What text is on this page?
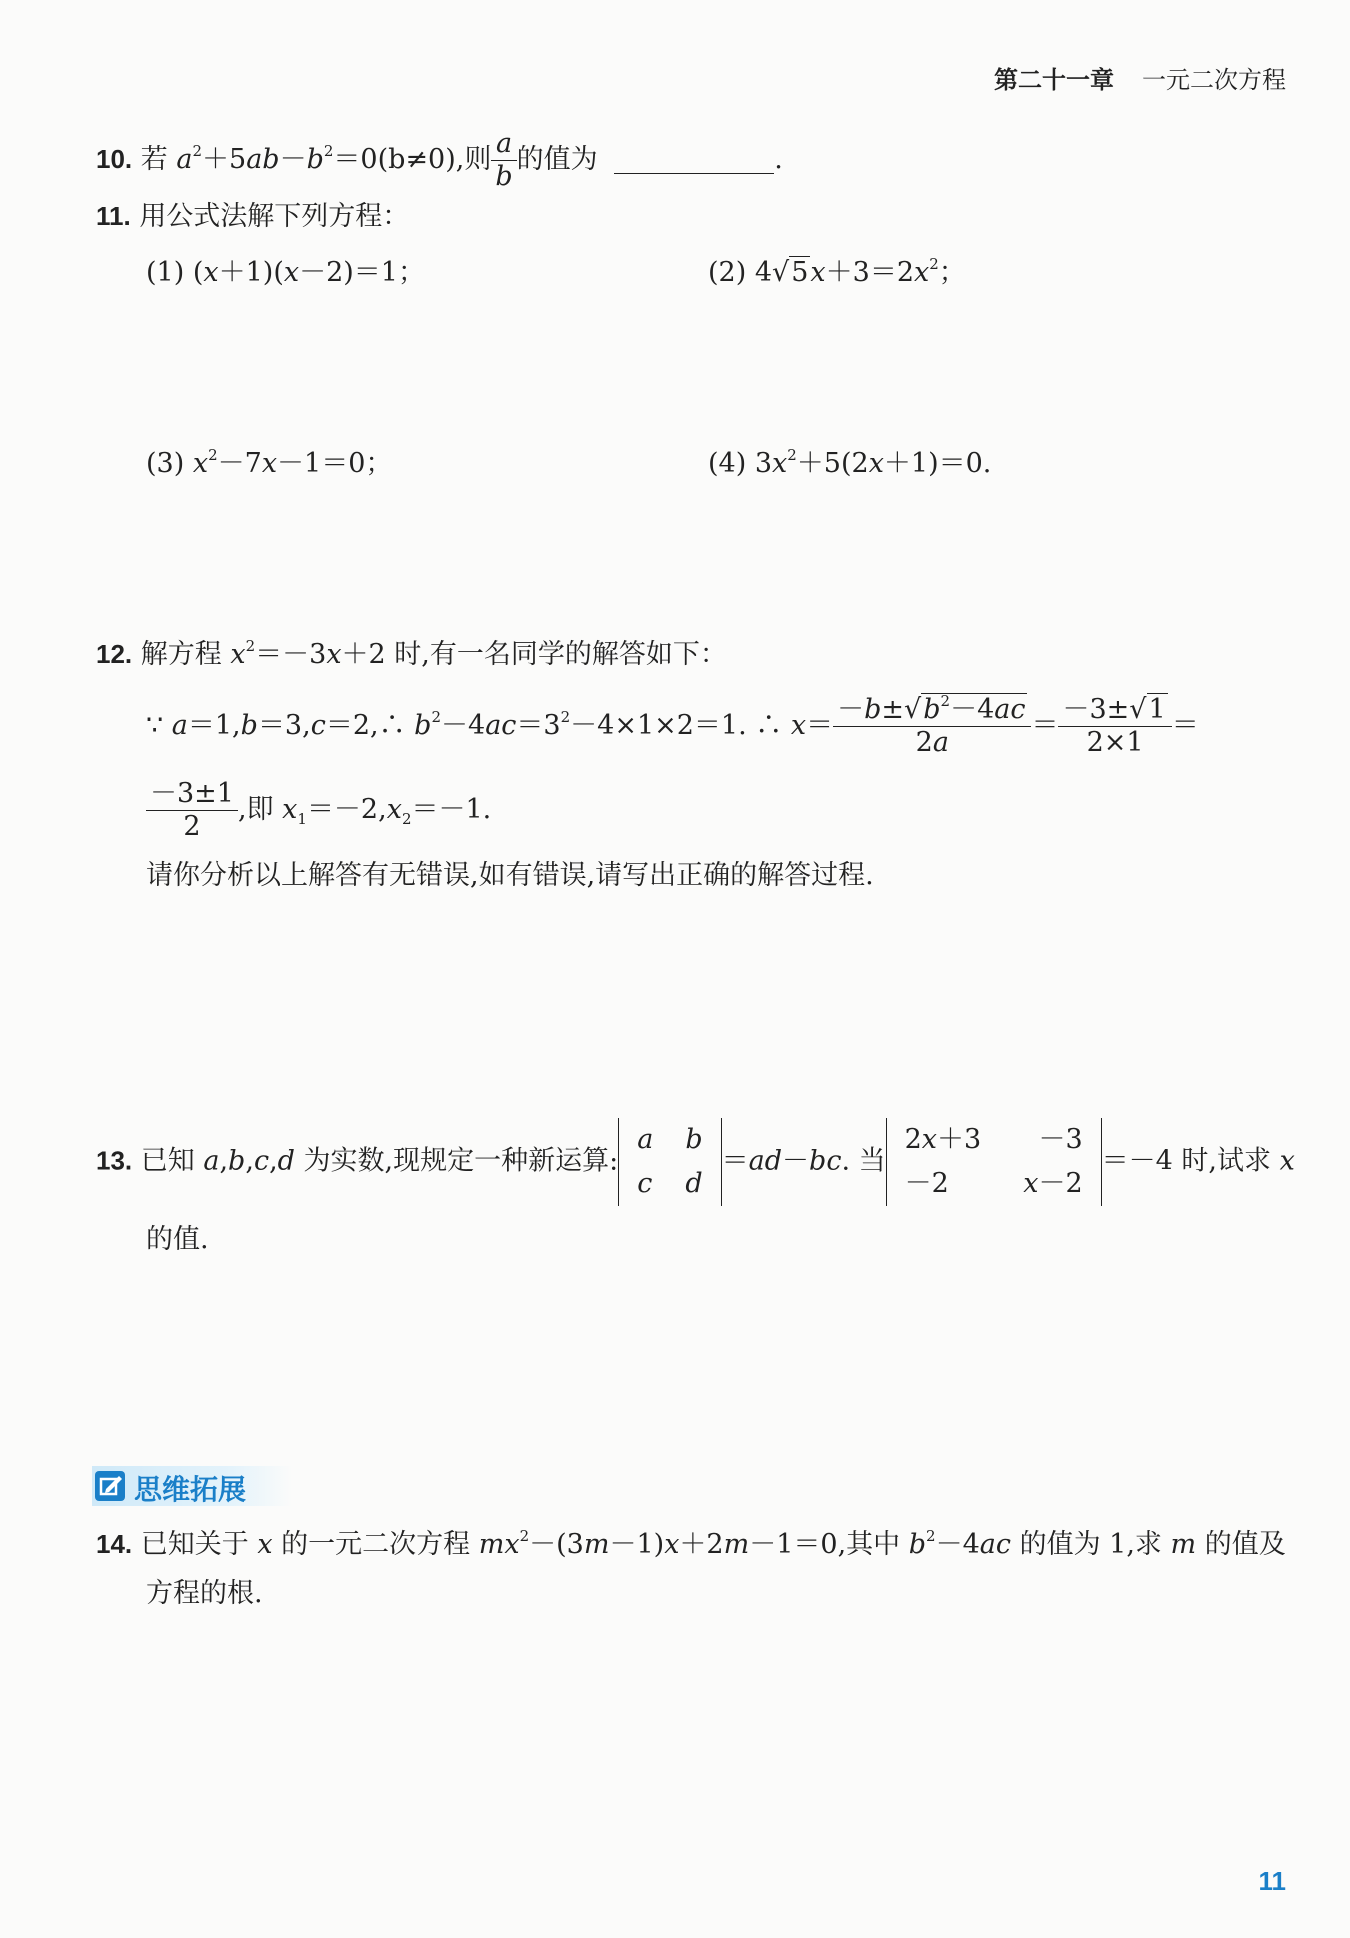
第二十一章 一元二次方程
10. 若 $a^2+5ab-b^2=0(b\ne 0)$,则 $\frac{a}{b}$ 的值为	.
11. 用公式法解下列方程：
(1) (x＋1)(x－2)＝1；	(2) $4√5x+3=2x^2$；
(3) $x^2-7x-1=0$；	(4) $3x^2+5(2x+1)=0$.
12. 解方程 $x^2=-3x+2$ 时,有一名同学的解答如下：
∵ a＝1,b＝3,c＝2,∴ $b^2-4ac=3^2-4\times 1\times 2=1$. ∴ $x= \frac{-b\pm√b^2-4ac}{2a} = \frac{-3\pm√1}{2\times 1}$ ＝
$\frac{-3\pm 1}{2}$ ,即 $x_1=-2,x_2=-1$.
请你分析以上解答有无错误,如有错误,请写出正确的解答过程.
13. 已知 a,b,c,d 为实数,现规定一种新运算:
a	b
c	d
＝ad－bc. 当
2x＋3	－3
－2	x－2
＝－4 时,试求 x
的值.
思维拓展
14. 已知关于 x 的一元二次方程 $mx^2-(3m-1)x+2m-1=0$,其中 $b^2-4ac$ 的值为 1,求 m 的值及
方程的根.
11
